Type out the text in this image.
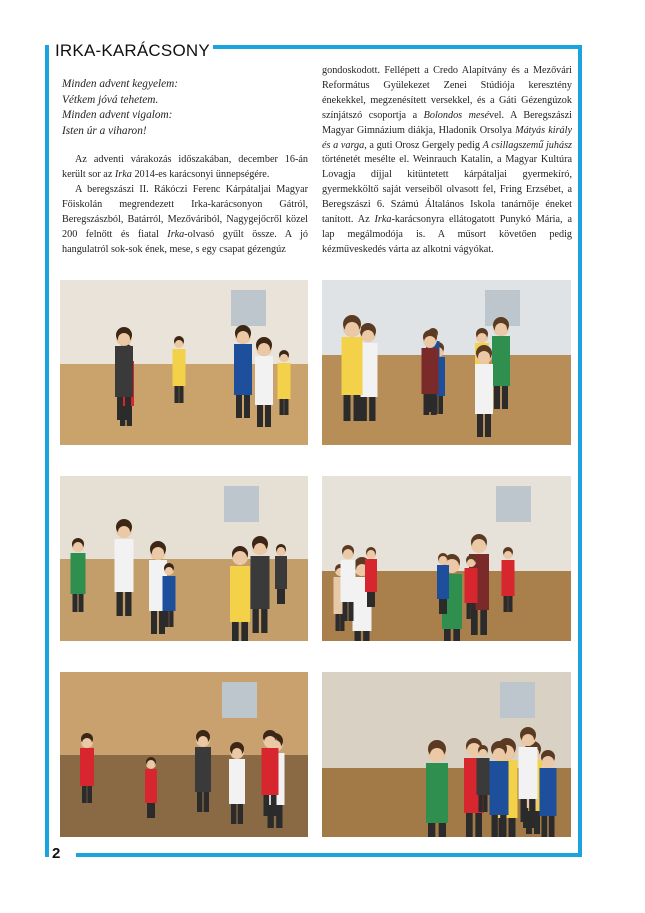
IRKA-KARÁCSONY
Minden advent kegyelem:
Vétkem jóvá tehetem.
Minden advent vigalom:
Isten úr a viharon!

Az adventi várakozás időszakában, december 16-án került sor az Irka 2014-es karácsonyi ünnepségére.

A beregszászi II. Rákóczi Ferenc Kárpátaljai Magyar Főiskolán megrendezett Irka-karácsonyon Gátról, Beregszászból, Batárról, Mezőváriból, Nagygejőcről közel 200 felnőtt és fiatal Irka-olvasó gyűlt össze. A jó hangulatról sok-sok ének, mese, s egy csapat gézengúz

gondoskodott. Fellépett a Credo Alapítvány és a Mezővári Református Gyülekezet Zenei Stúdiója keresztény énekekkel, megzenésített versekkel, és a Gáti Gézengúzok színjátszó csoportja a Bolondos mesével. A Beregszászi Magyar Gimnázium diákja, Hladonik Orsolya Mátyás király és a varga, a guti Orosz Gergely pedig A csillagszemű juhász történetét mesélte el. Weinrauch Katalin, a Magyar Kultúra Lovagja díjjal kitüntetett kárpátaljai gyermekíró, gyermekköltő saját verseiből olvasott fel, Fring Erzsébet, a Beregszászi 6. Számú Általános Iskola tanárnője éneket tanított. Az Irka-karácsonyra ellátogatott Punykó Mária, a lap megálmodója is. A műsort követően pedig kézműveskedés várta az alkotni vágyókat.

2
